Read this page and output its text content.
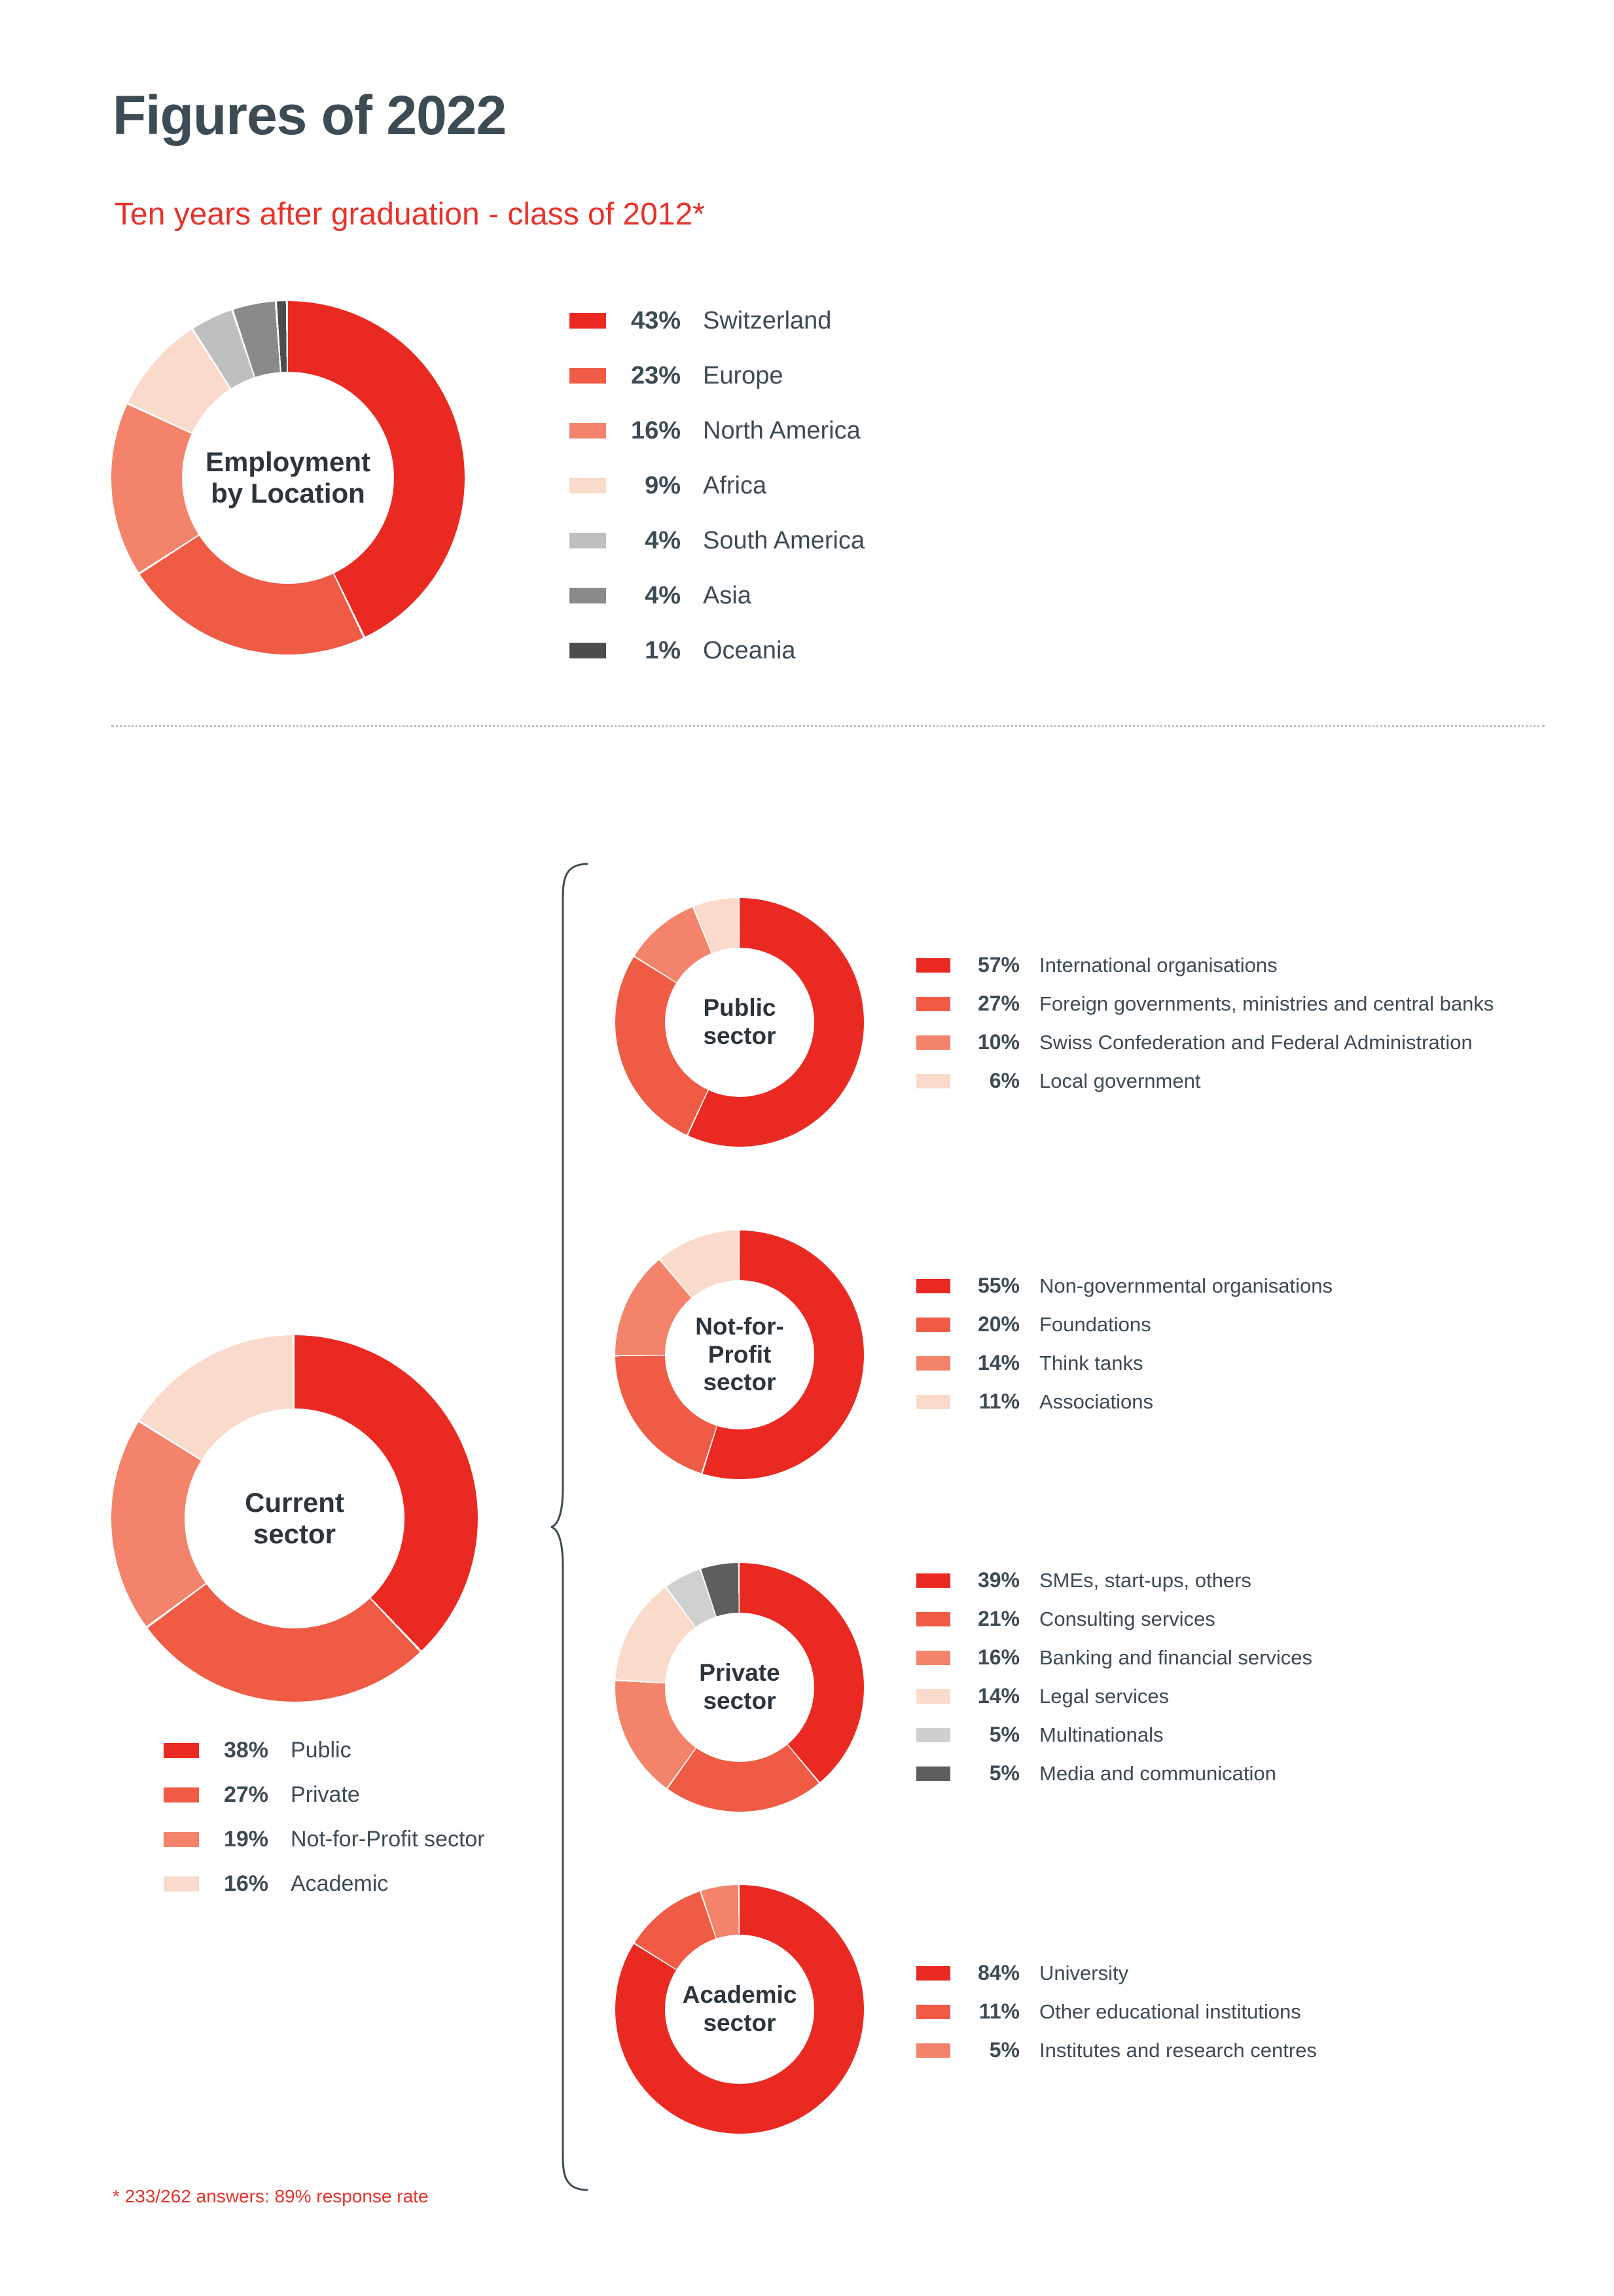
Figures of 2022
Ten years after graduation - class of 2012*
Employment
by Location
43% Switzerland
23% Europe
16% North America
9% Africa
4% South America
4% Asia
1% Oceania
Current
sector
38% Public
27% Private
19% Not-for-Profit sector
16% Academic
Public
sector
57% International organisations
27% Foreign governments, ministries and central banks
10% Swiss Confederation and Federal Administration
6% Local government
Not-for-
Profit
sector
55% Non-governmental organisations
20% Foundations
14% Think tanks
11% Associations
Private
sector
39% SMEs, start-ups, others
21% Consulting services
16% Banking and financial services
14% Legal services
5% Multinationals
5% Media and communication
Academic
sector
84% University
11% Other educational institutions
5% Institutes and research centres
* 233/262 answers: 89% response rate
